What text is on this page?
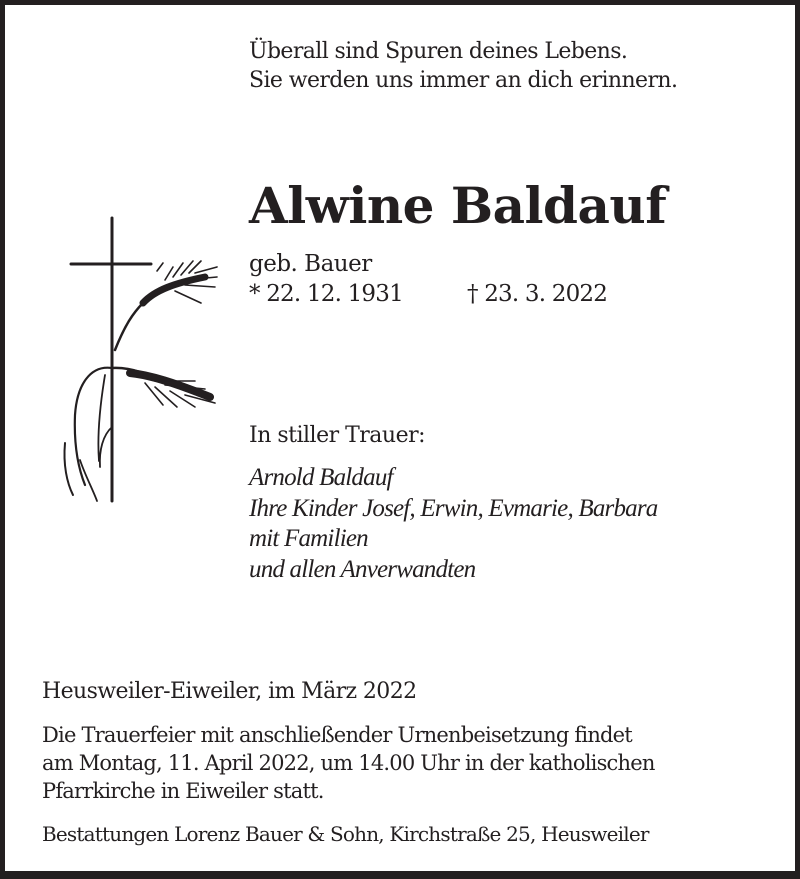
Überall sind Spuren deines Lebens.
Sie werden uns immer an dich erinnern.
Alwine Baldauf
geb. Bauer
* 22. 12. 1931	† 23. 3. 2022
In stiller Trauer:
Arnold Baldauf
Ihre Kinder Josef, Erwin, Evmarie, Barbara
mit Familien
und allen Anverwandten
Heusweiler-Eiweiler, im März 2022
Die Trauerfeier mit anschließender Urnenbeisetzung findet
am Montag, 11. April 2022, um 14.00 Uhr in der katholischen
Pfarrkirche in Eiweiler statt.
Bestattungen Lorenz Bauer & Sohn, Kirchstraße 25, Heusweiler
